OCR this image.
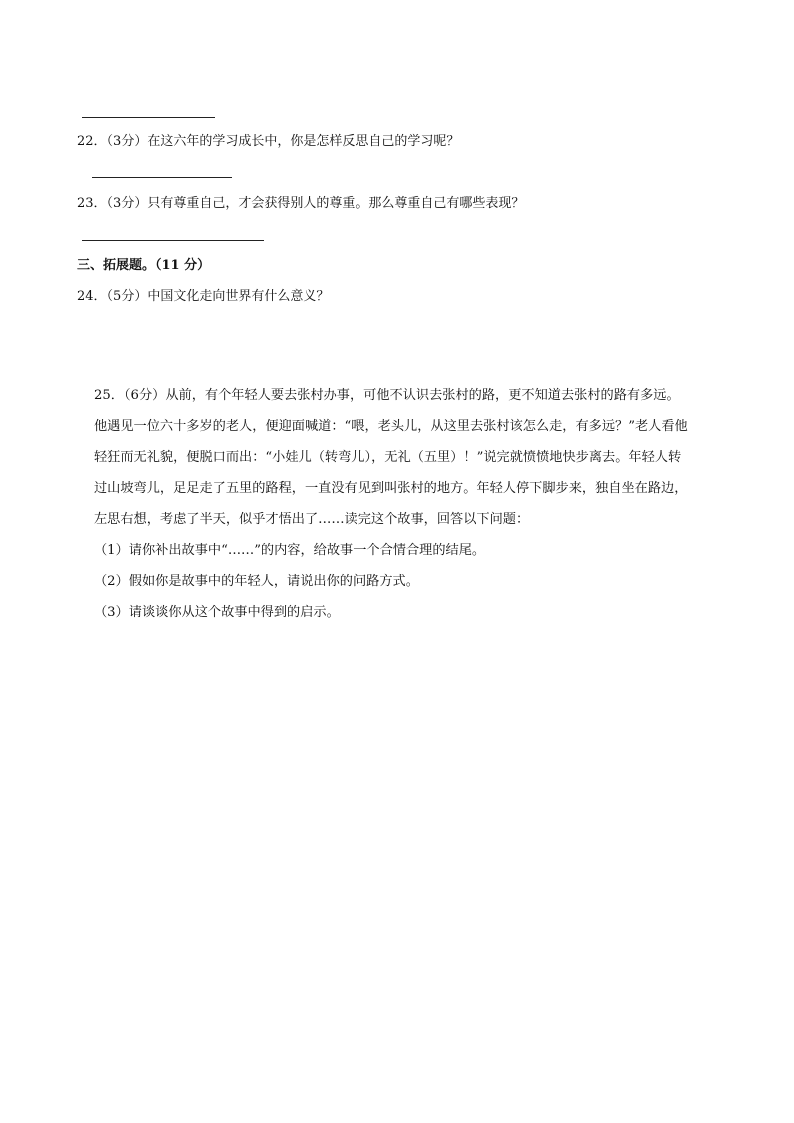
22．（3分）在这六年的学习成长中，你是怎样反思自己的学习呢？

23．（3分）只有尊重自己，才会获得别人的尊重。那么尊重自己有哪些表现？

三、拓展题。（11 分）

24．（5分）中国文化走向世界有什么意义？

25．（6分）从前，有个年轻人要去张村办事，可他不认识去张村的路，更不知道去张村的路有多远。

他遇见一位六十多岁的老人，便迎面喊道：“喂，老头儿，从这里去张村该怎么走，有多远？”老人看他

轻狂而无礼貌，便脱口而出：“小娃儿（转弯儿），无礼（五里）！”说完就愤愤地快步离去。年轻人转

过山坡弯儿，足足走了五里的路程，一直没有见到叫张村的地方。年轻人停下脚步来，独自坐在路边，

左思右想，考虑了半天，似乎才悟出了……读完这个故事，回答以下问题：

（1）请你补出故事中“……”的内容，给故事一个合情合理的结尾。

（2）假如你是故事中的年轻人，请说出你的问路方式。

（3）请谈谈你从这个故事中得到的启示。
